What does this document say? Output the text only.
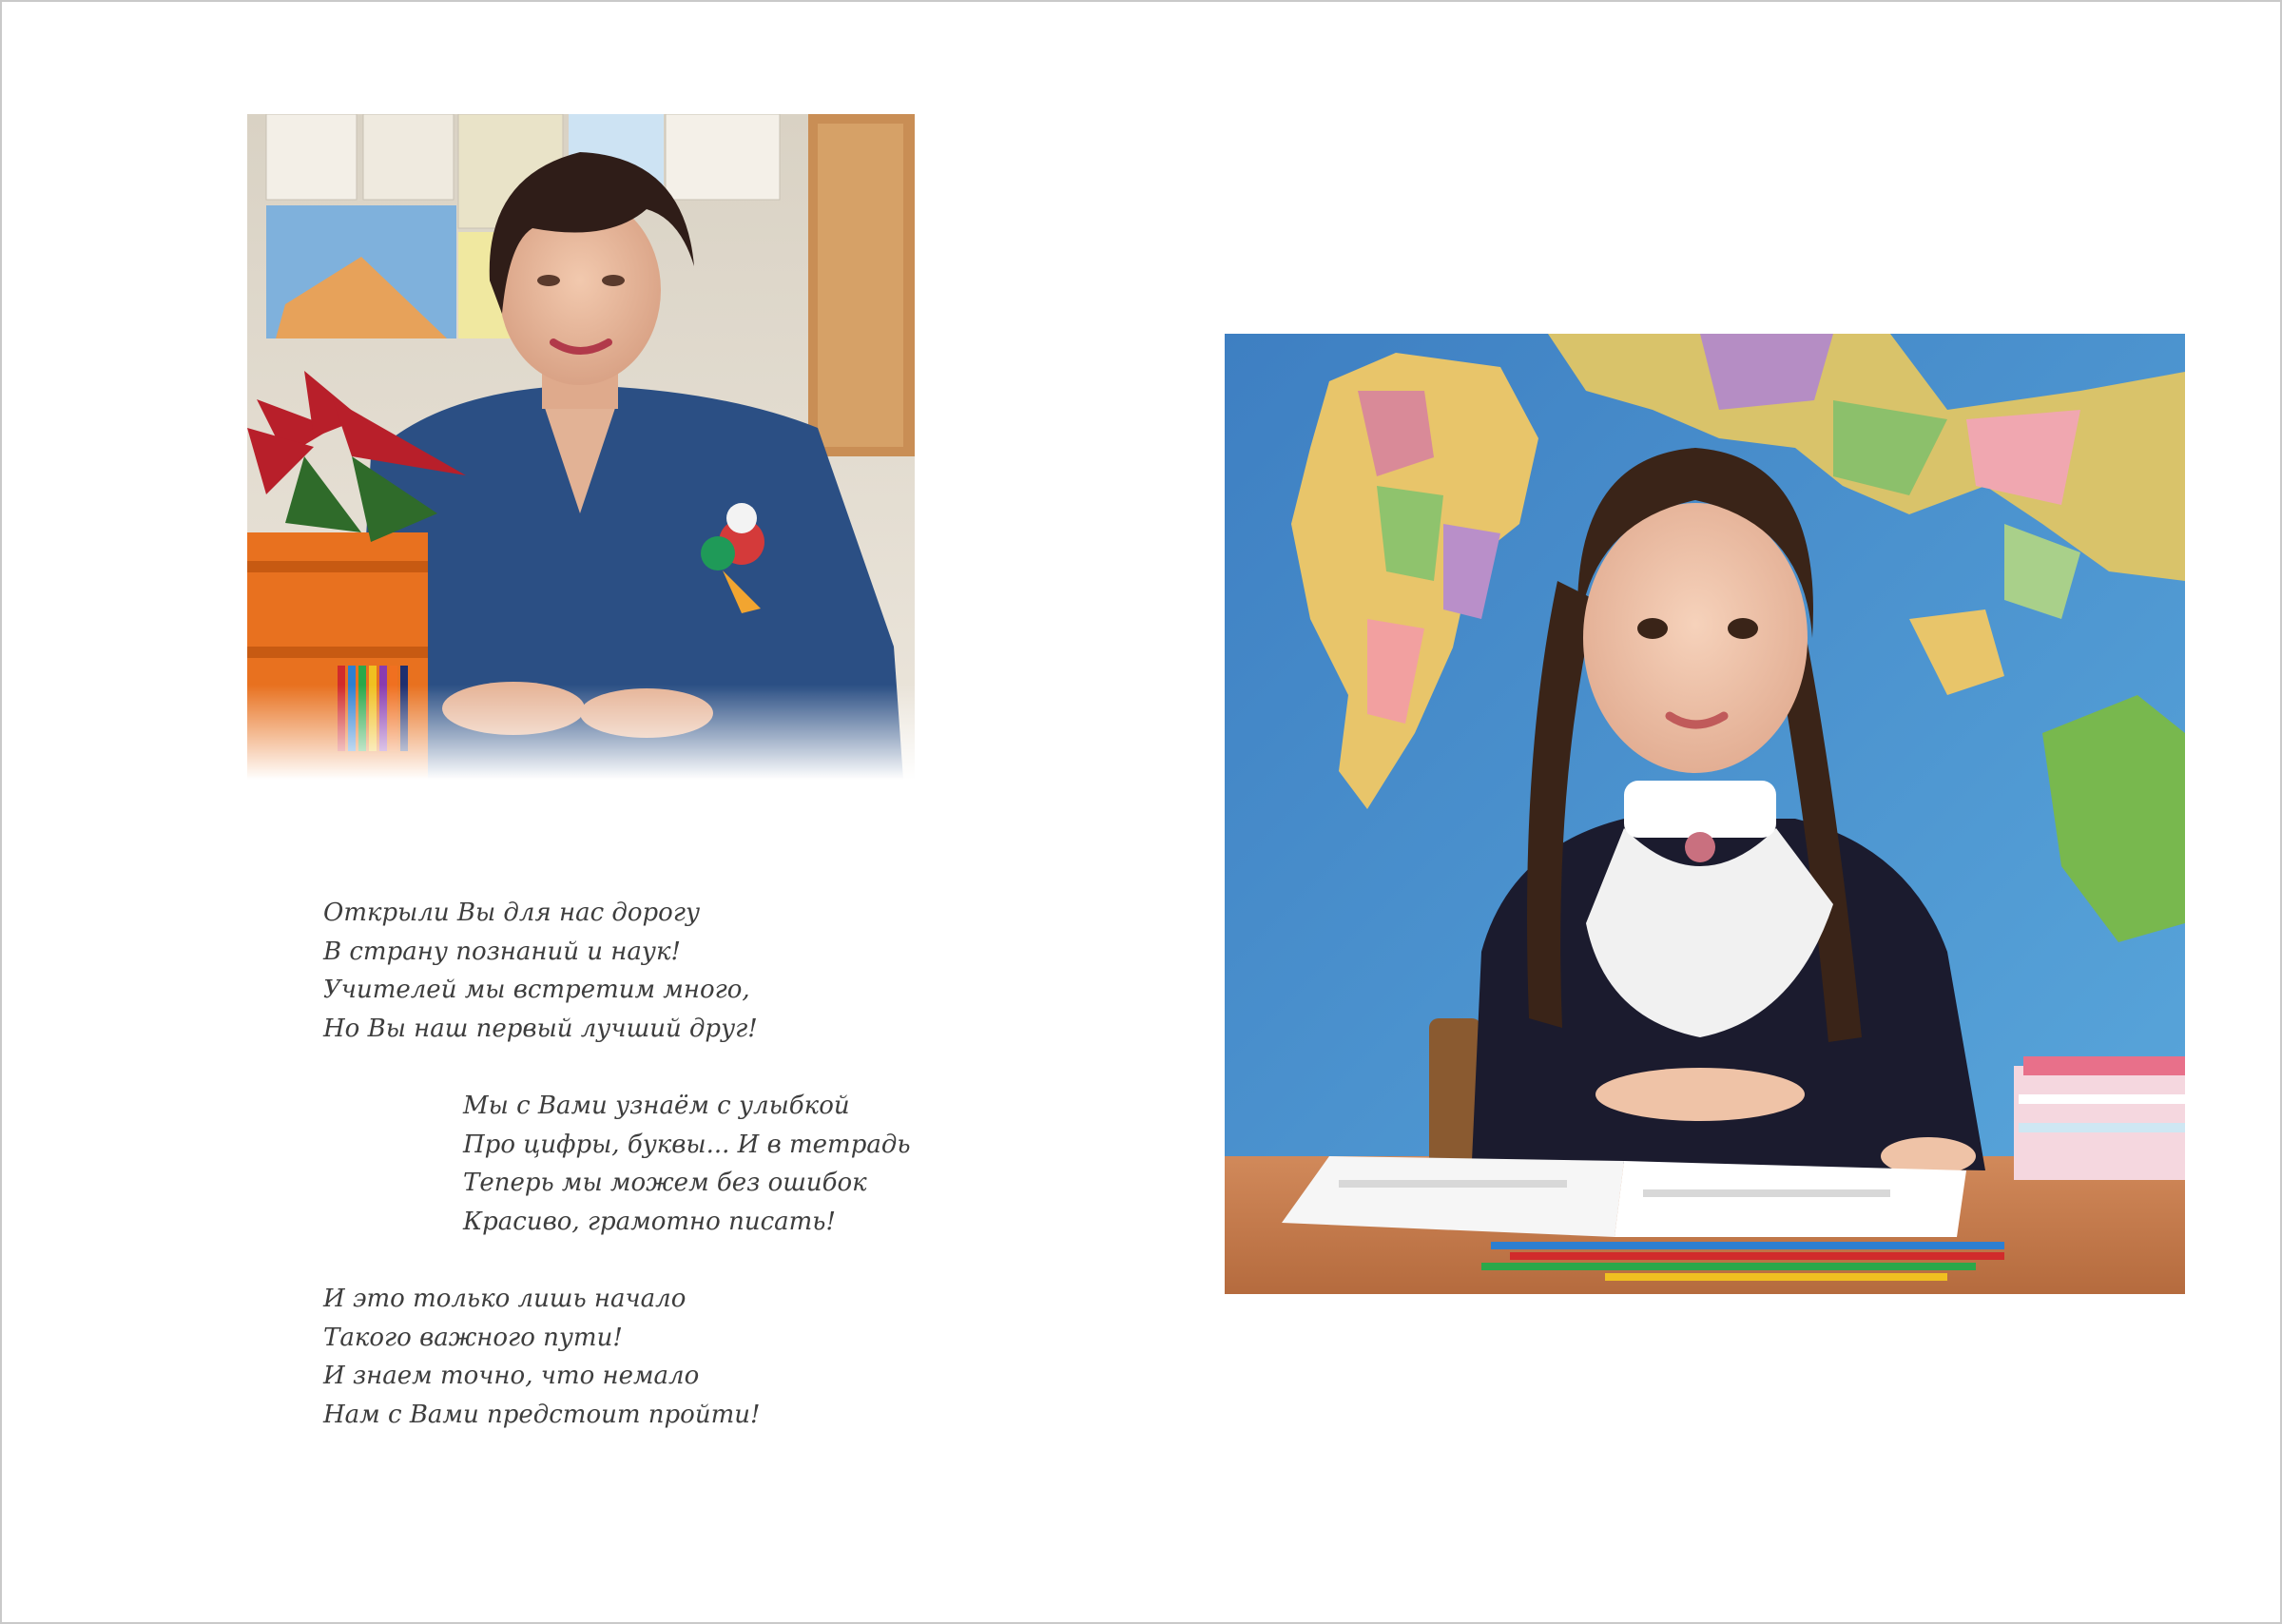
Открыли Вы для нас дорогу
В страну познаний и наук!
Учителей мы встретим много,
Но Вы наш первый лучший друг!
Мы с Вами узнаём с улыбкой
Про цифры, буквы... И в тетрадь
Теперь мы можем без ошибок
Красиво, грамотно писать!
И это только лишь начало
Такого важного пути!
И знаем точно, что немало
Нам с Вами предстоит пройти!
